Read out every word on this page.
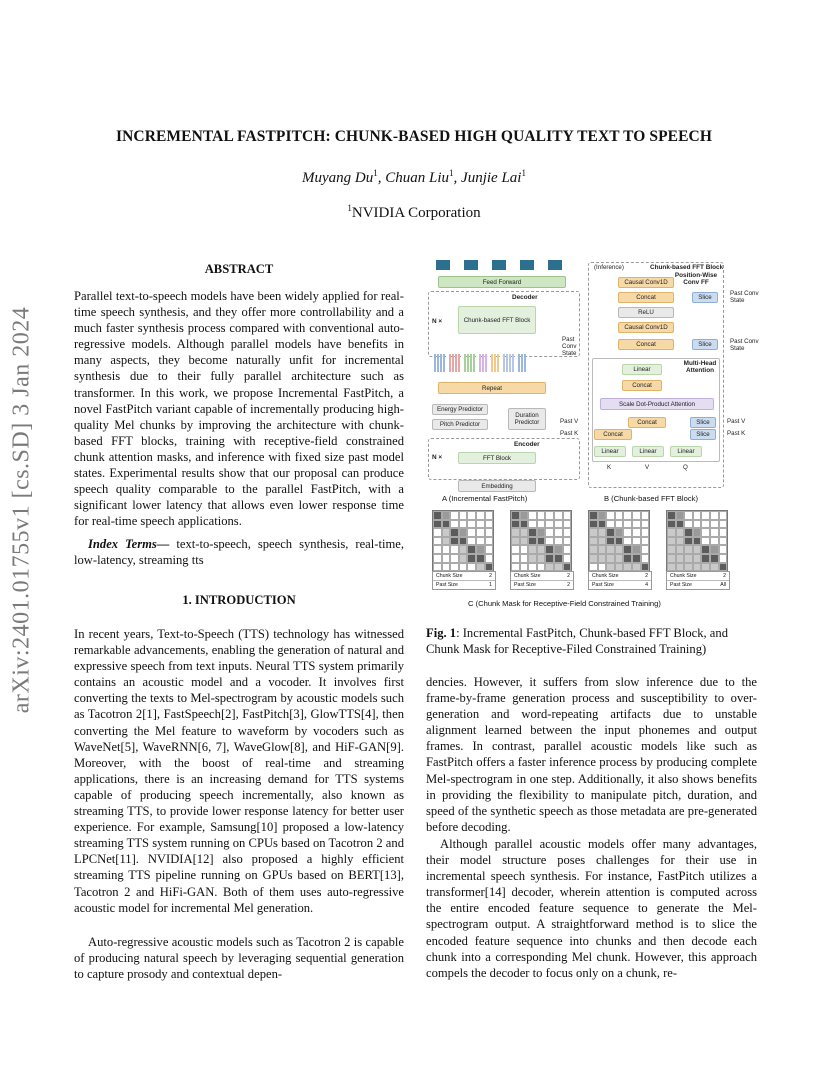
arXiv:2401.01755v1 [cs.SD] 3 Jan 2024
INCREMENTAL FASTPITCH: CHUNK-BASED HIGH QUALITY TEXT TO SPEECH
Muyang Du$^1$, Chuan Liu$^1$, Junjie Lai$^1$
$^1$NVIDIA Corporation
ABSTRACT

Parallel text-to-speech models have been widely applied for real-time speech synthesis, and they offer more controllability and a much faster synthesis process compared with conventional auto-regressive models. Although parallel models have benefits in many aspects, they become naturally unfit for incremental synthesis due to their fully parallel architecture such as transformer. In this work, we propose Incremental FastPitch, a novel FastPitch variant capable of incrementally producing high-quality Mel chunks by improving the architecture with chunk-based FFT blocks, training with receptive-field constrained chunk attention masks, and inference with fixed size past model states. Experimental results show that our proposal can produce speech quality comparable to the parallel FastPitch, with a significant lower latency that allows even lower response time for real-time speech applications.

Index Terms— text-to-speech, speech synthesis, real-time, low-latency, streaming tts

1. INTRODUCTION

In recent years, Text-to-Speech (TTS) technology has witnessed remarkable advancements, enabling the generation of natural and expressive speech from text inputs. Neural TTS system primarily contains an acoustic model and a vocoder. It involves first converting the texts to Mel-spectrogram by acoustic models such as Tacotron 2[1], FastSpeech[2], FastPitch[3], GlowTTS[4], then converting the Mel feature to waveform by vocoders such as WaveNet[5], WaveRNN[6, 7], WaveGlow[8], and HiF-GAN[9]. Moreover, with the boost of real-time and streaming applications, there is an increasing demand for TTS systems capable of producing speech incrementally, also known as streaming TTS, to provide lower response latency for better user experience. For example, Samsung[10] proposed a low-latency streaming TTS system running on CPUs based on Tacotron 2 and LPCNet[11]. NVIDIA[12] also proposed a highly efficient streaming TTS pipeline running on GPUs based on BERT[13], Tacotron 2 and HiFi-GAN. Both of them uses auto-regressive acoustic model for incremental Mel generation.

Auto-regressive acoustic models such as Tacotron 2 is capable of producing natural speech by leveraging sequential generation to capture prosody and contextual depen-

Feed Forward
Decoder
N ×	Chunk-based FFT Block
Repeat
Energy Predictor
Pitch Predictor
Duration Predictor
Encoder
N ×	FFT Block
Embedding
A (Incremental FastPitch)
(Inference)	Chunk-based FFT Block
Causal Conv1D
Position-Wise Conv FF
Concat	Slice
Past Conv State
ReLU
Causal Conv1D
Past Conv State
Concat	Slice	Past Conv State
Linear
Multi-Head Attention
Concat
Scale Dot-Product Attention
Past V	Concat	Slice	Past V
Past K	Concat	Slice	Past K
Linear	Linear	Linear
K	V	Q
B (Chunk-based FFT Block)
Chunk Size	2
Past Size	1
Chunk Size	2
Past Size	2
Chunk Size	2
Past Size	4
Chunk Size	2
Past Size	All
C (Chunk Mask for Receptive-Field Constrained Training)
Fig. 1: Incremental FastPitch, Chunk-based FFT Block, and Chunk Mask for Receptive-Filed Constrained Training)

dencies. However, it suffers from slow inference due to the frame-by-frame generation process and susceptibility to over-generation and word-repeating artifacts due to unstable alignment learned between the input phonemes and output frames. In contrast, parallel acoustic models like such as FastPitch offers a faster inference process by producing complete Mel-spectrogram in one step. Additionally, it also shows benefits in providing the flexibility to manipulate pitch, duration, and speed of the synthetic speech as those metadata are pre-generated before decoding.

Although parallel acoustic models offer many advantages, their model structure poses challenges for their use in incremental speech synthesis. For instance, FastPitch utilizes a transformer[14] decoder, wherein attention is computed across the entire encoded feature sequence to generate the Mel-spectrogram output. A straightforward method is to slice the encoded feature sequence into chunks and then decode each chunk into a corresponding Mel chunk. However, this approach compels the decoder to focus only on a chunk, re-
